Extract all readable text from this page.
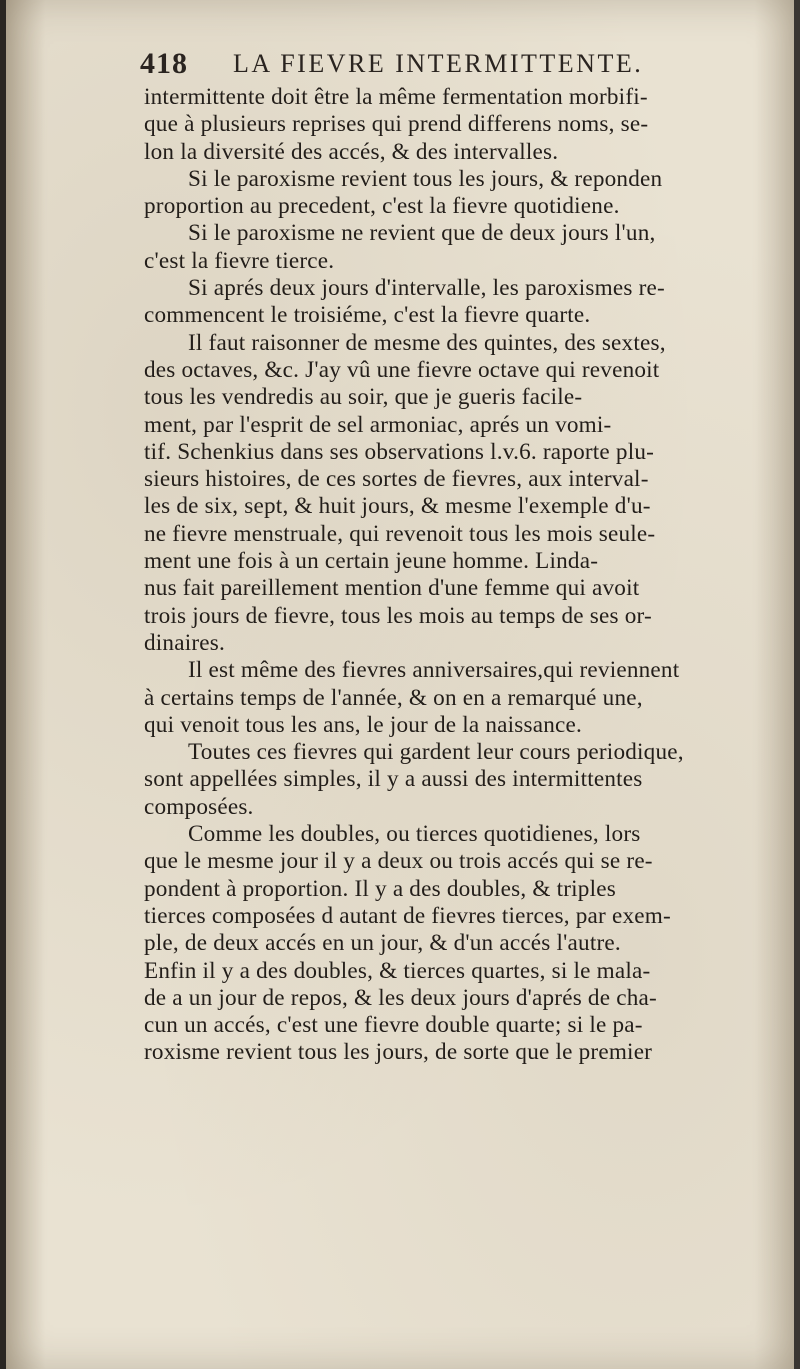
418 LA FIEVRE INTERMITTENTE.
intermittente doit être la même fermentation morbifi-
que à plusieurs reprises qui prend differens noms, se-
lon la diversité des accés, & des intervalles.
Si le paroxisme revient tous les jours, & reponden
proportion au precedent, c'est la fievre quotidiene.
Si le paroxisme ne revient que de deux jours l'un,
c'est la fievre tierce.
Si aprés deux jours d'intervalle, les paroxismes re-
commencent le troisiéme, c'est la fievre quarte.
Il faut raisonner de mesme des quintes, des sextes,
des octaves, &c. J'ay vû une fievre octave qui revenoit
tous les vendredis au soir, que je gueris facile-
ment, par l'esprit de sel armoniac, aprés un vomi-
tif. Schenkius dans ses observations l.v.6. raporte plu-
sieurs histoires, de ces sortes de fievres, aux interval-
les de six, sept, & huit jours, & mesme l'exemple d'u-
ne fievre menstruale, qui revenoit tous les mois seule-
ment une fois à un certain jeune homme. Linda-
nus fait pareillement mention d'une femme qui avoit
trois jours de fievre, tous les mois au temps de ses or-
dinaires.
Il est même des fievres anniversaires,qui reviennent
à certains temps de l'année, & on en a remarqué une,
qui venoit tous les ans, le jour de la naissance.
Toutes ces fievres qui gardent leur cours periodique,
sont appellées simples, il y a aussi des intermittentes
composées.
Comme les doubles, ou tierces quotidienes, lors
que le mesme jour il y a deux ou trois accés qui se re-
pondent à proportion. Il y a des doubles, & triples
tierces composées d autant de fievres tierces, par exem-
ple, de deux accés en un jour, & d'un accés l'autre.
Enfin il y a des doubles, & tierces quartes, si le mala-
de a un jour de repos, & les deux jours d'aprés de cha-
cun un accés, c'est une fievre double quarte; si le pa-
roxisme revient tous les jours, de sorte que le premier
